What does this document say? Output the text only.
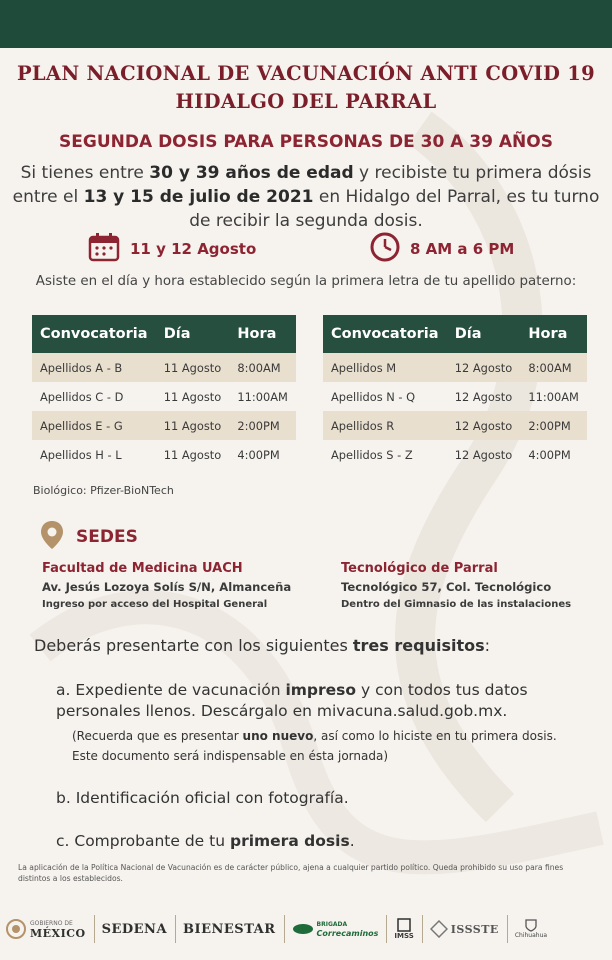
PLAN NACIONAL DE VACUNACIÓN ANTI COVID 19
HIDALGO DEL PARRAL
SEGUNDA DOSIS PARA PERSONAS DE 30 A 39 AÑOS
Si tienes entre 30 y 39 años de edad y recibiste tu primera dósis entre el 13 y 15 de julio de 2021 en Hidalgo del Parral, es tu turno de recibir la segunda dosis.
11 y 12 Agosto	8 AM a 6 PM
Asiste en el día y hora establecido según la primera letra de tu apellido paterno:
Convocatoria	Día	Hora
Apellidos A - B	11 Agosto	8:00AM
Apellidos C - D	11 Agosto	11:00AM
Apellidos E - G	11 Agosto	2:00PM
Apellidos H - L	11 Agosto	4:00PM
Convocatoria	Día	Hora
Apellidos M	12 Agosto	8:00AM
Apellidos N - Q	12 Agosto	11:00AM
Apellidos R	12 Agosto	2:00PM
Apellidos S - Z	12 Agosto	4:00PM
Biológico: Pfizer-BioNTech
SEDES
Facultad de Medicina UACH
Av. Jesús Lozoya Solís S/N, Almanceña
Ingreso por acceso del Hospital General
Tecnológico de Parral
Tecnológico 57, Col. Tecnológico
Dentro del Gimnasio de las instalaciones
Deberás presentarte con los siguientes tres requisitos:
a. Expediente de vacunación impreso y con todos tus datos personales llenos. Descárgalo en mivacuna.salud.gob.mx.
(Recuerda que es presentar uno nuevo, así como lo hiciste en tu primera dosis.
Este documento será indispensable en ésta jornada)
b. Identificación oficial con fotografía.
c. Comprobante de tu primera dosis.
La aplicación de la Política Nacional de Vacunación es de carácter público, ajena a cualquier partido político. Queda prohibido su uso para fines distintos a los establecidos.
GOBIERNO DE
MÉXICO SEDENA BIENESTAR	BRIGADA
Correcaminos IMSS	ISSSTE	Chihuahua
